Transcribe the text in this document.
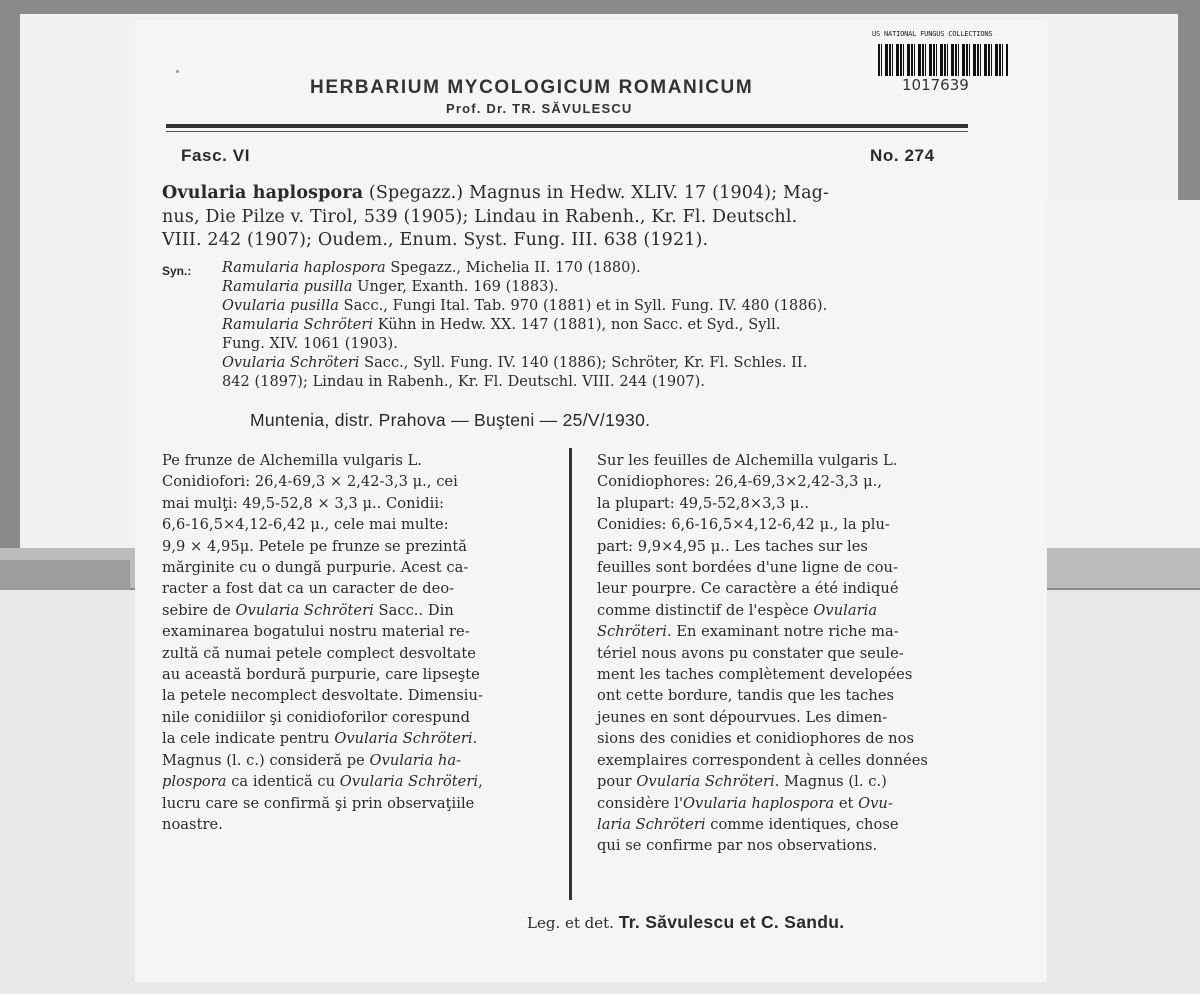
US NATIONAL FUNGUS COLLECTIONS
1017639
HERBARIUM MYCOLOGICUM ROMANICUM
Prof. Dr. TR. SĂVULESCU
Fasc. VI	No. 274
Ovularia haplospora (Spegazz.) Magnus in Hedw. XLIV. 17 (1904); Mag-
nus, Die Pilze v. Tirol, 539 (1905); Lindau in Rabenh., Kr. Fl. Deutschl.
VIII. 242 (1907); Oudem., Enum. Syst. Fung. III. 638 (1921).
Syn.: Ramularia haplospora Spegazz., Michelia II. 170 (1880).
Ramularia pusilla Unger, Exanth. 169 (1883).
Ovularia pusilla Sacc., Fungi Ital. Tab. 970 (1881) et in Syll. Fung. IV. 480 (1886).
Ramularia Schröteri Kühn in Hedw. XX. 147 (1881), non Sacc. et Syd., Syll.
Fung. XIV. 1061 (1903).
Ovularia Schröteri Sacc., Syll. Fung. IV. 140 (1886); Schröter, Kr. Fl. Schles. II.
842 (1897); Lindau in Rabenh., Kr. Fl. Deutschl. VIII. 244 (1907).
Muntenia, distr. Prahova — Buşteni — 25/V/1930.
Pe frunze de Alchemilla vulgaris L.
Conidiofori: 26,4-69,3 × 2,42-3,3 μ., cei
mai mulţi: 49,5-52,8 × 3,3 μ.. Conidii:
6,6-16,5×4,12-6,42 μ., cele mai multe:
9,9 × 4,95μ. Petele pe frunze se prezintă
mărginite cu o dungă purpurie. Acest ca-
racter a fost dat ca un caracter de deo-
sebire de Ovularia Schröteri Sacc.. Din
examinarea bogatului nostru material re-
zultă că numai petele complect desvoltate
au această bordură purpurie, care lipseşte
la petele necomplect desvoltate. Dimensiu-
nile conidiilor şi conidioforilor corespund
la cele indicate pentru Ovularia Schröteri.
Magnus (l. c.) consideră pe Ovularia ha-
plospora ca identică cu Ovularia Schröteri,
lucru care se confirmă şi prin observaţiile
noastre.
Sur les feuilles de Alchemilla vulgaris L.
Conidiophores: 26,4-69,3×2,42-3,3 μ.,
la plupart: 49,5-52,8×3,3 μ..
Conidies: 6,6-16,5×4,12-6,42 μ., la plu-
part: 9,9×4,95 μ.. Les taches sur les
feuilles sont bordées d'une ligne de cou-
leur pourpre. Ce caractère a été indiqué
comme distinctif de l'espèce Ovularia
Schröteri. En examinant notre riche ma-
tériel nous avons pu constater que seule-
ment les taches complètement developées
ont cette bordure, tandis que les taches
jeunes en sont dépourvues. Les dimen-
sions des conidies et conidiophores de nos
exemplaires correspondent à celles données
pour Ovularia Schröteri. Magnus (l. c.)
considère l'Ovularia haplospora et Ovu-
laria Schröteri comme identiques, chose
qui se confirme par nos observations.
Leg. et det. Tr. Săvulescu et C. Sandu.
